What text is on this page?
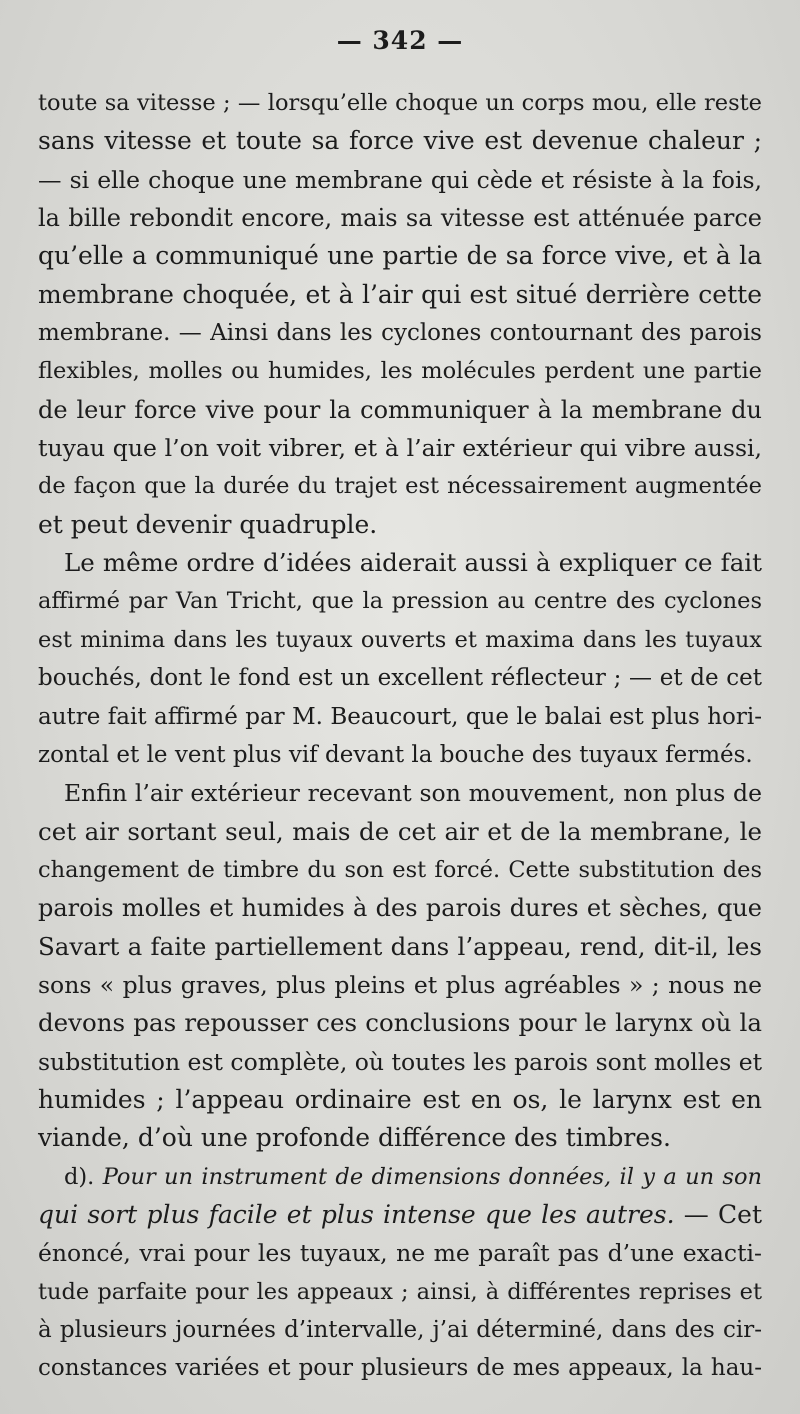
— 342 —
toute sa vitesse ; — lorsqu’elle choque un corps mou, elle reste
sans vitesse et toute sa force vive est devenue chaleur ;
— si elle choque une membrane qui cède et résiste à la fois,
la bille rebondit encore, mais sa vitesse est atténuée parce
qu’elle a communiqué une partie de sa force vive, et à la
membrane choquée, et à l’air qui est situé derrière cette
membrane. — Ainsi dans les cyclones contournant des parois
flexibles, molles ou humides, les molécules perdent une partie
de leur force vive pour la communiquer à la membrane du
tuyau que l’on voit vibrer, et à l’air extérieur qui vibre aussi,
de façon que la durée du trajet est nécessairement augmentée
et peut devenir quadruple.
Le même ordre d’idées aiderait aussi à expliquer ce fait
affirmé par Van Tricht, que la pression au centre des cyclones
est minima dans les tuyaux ouverts et maxima dans les tuyaux
bouchés, dont le fond est un excellent réflecteur ; — et de cet
autre fait affirmé par M. Beaucourt, que le balai est plus hori-
zontal et le vent plus vif devant la bouche des tuyaux fermés.
Enfin l’air extérieur recevant son mouvement, non plus de
cet air sortant seul, mais de cet air et de la membrane, le
changement de timbre du son est forcé. Cette substitution des
parois molles et humides à des parois dures et sèches, que
Savart a faite partiellement dans l’appeau, rend, dit-il, les
sons « plus graves, plus pleins et plus agréables » ; nous ne
devons pas repousser ces conclusions pour le larynx où la
substitution est complète, où toutes les parois sont molles et
humides ; l’appeau ordinaire est en os, le larynx est en
viande, d’où une profonde différence des timbres.
d). Pour un instrument de dimensions données, il y a un son
qui sort plus facile et plus intense que les autres. — Cet
énoncé, vrai pour les tuyaux, ne me paraît pas d’une exacti-
tude parfaite pour les appeaux ; ainsi, à différentes reprises et
à plusieurs journées d’intervalle, j’ai déterminé, dans des cir-
constances variées et pour plusieurs de mes appeaux, la hau-
